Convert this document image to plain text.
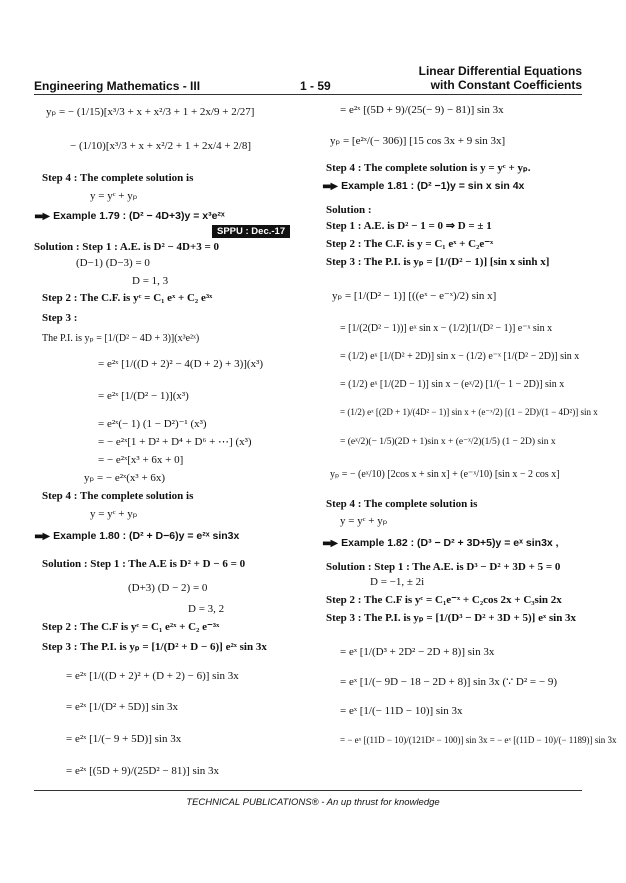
Engineering Mathematics - III	1 - 59
Linear Differential Equations
with Constant Coefficients
yₚ = − (1/15)[x³/3 + x + x²/3 + 1 + 2x/9 + 2/27]
− (1/10)[x³/3 + x + x²/2 + 1 + 2x/4 + 2/8]
Step 4 : The complete solution is
y = yᶜ + yₚ
▬▶ Example 1.79 : (D² − 4D+3)y = x³e²ˣ
Solution : Step 1 : A.E. is D² − 4D+3 = 0
(D−1) (D−3) = 0
D = 1, 3
Step 2 : The C.F. is yᶜ = C₁ eˣ + C₂ e³ˣ
Step 3 :
The P.I. is yₚ = [1/(D² − 4D + 3)](x³e²ˣ)
= e²ˣ [1/((D + 2)² − 4(D + 2) + 3)](x³)
= e²ˣ [1/(D² − 1)](x³)
= e²ˣ(− 1) (1 − D²)⁻¹ (x³)
= − e²ˣ[1 + D² + D⁴ + D⁶ + ⋯] (x³)
= − e²ˣ[x³ + 6x + 0]
yₚ = − e²ˣ(x³ + 6x)
Step 4 : The complete solution is
y = yᶜ + yₚ
▬▶ Example 1.80 : (D² + D−6)y = e²ˣ sin3x
Solution : Step 1 : The A.E is D² + D − 6 = 0
(D+3) (D − 2) = 0
D = 3, 2
Step 2 : The C.F is yᶜ = C₁ e²ˣ + C₂ e⁻³ˣ
Step 3 : The P.I. is yₚ = [1/(D² + D − 6)] e²ˣ sin 3x
= e²ˣ [1/((D + 2)² + (D + 2) − 6)] sin 3x
= e²ˣ [1/(D² + 5D)] sin 3x
= e²ˣ [1/(− 9 + 5D)] sin 3x
= e²ˣ [(5D + 9)/(25D² − 81)] sin 3x
SPPU : Dec.-17
= e²ˣ [(5D + 9)/(25(− 9) − 81)] sin 3x
yₚ = [e²ˣ/(− 306)] [15 cos 3x + 9 sin 3x]
Step 4 : The complete solution is y = yᶜ + yₚ.
▬▶ Example 1.81 : (D² −1)y = sin x sin 4x
Solution :
Step 1 : A.E. is D² − 1 = 0 ⇒ D = ± 1
Step 2 : The C.F. is y = C₁ eˣ + C₂e⁻ˣ
Step 3 : The P.I. is yₚ = [1/(D² − 1)] [sin x sinh x]
yₚ = [1/(D² − 1)] [((eˣ − e⁻ˣ)/2) sin x]
= [1/(2(D² − 1))] eˣ sin x − (1/2)[1/(D² − 1)] e⁻ˣ sin x
= (1/2) eˣ [1/(D² + 2D)] sin x − (1/2) e⁻ˣ [1/(D² − 2D)] sin x
= (1/2) eˣ [1/(2D − 1)] sin x − (eˣ/2) [1/(− 1 − 2D)] sin x
= (1/2) eˣ [(2D + 1)/(4D² − 1)] sin x + (e⁻ˣ/2) [(1 − 2D)/(1 − 4D²)] sin x
= (eˣ/2)(− 1/5)(2D + 1)sin x + (e⁻ˣ/2)(1/5) (1 − 2D) sin x
yₚ = − (eˣ/10) [2cos x + sin x] + (e⁻ˣ/10) [sin x − 2 cos x]
Step 4 : The complete solution is
y = yᶜ + yₚ
▬▶ Example 1.82 : (D³ − D² + 3D+5)y = eˣ sin3x ,
Solution : Step 1 : The A.E. is D³ − D² + 3D + 5 = 0
D = −1, ± 2i
Step 2 : The C.F is yᶜ = C₁e⁻ˣ + C₂cos 2x + C₃sin 2x
Step 3 : The P.I. is yₚ = [1/(D³ − D² + 3D + 5)] eˣ sin 3x
= eˣ [1/(D³ + 2D² − 2D + 8)] sin 3x
= eˣ [1/(− 9D − 18 − 2D + 8)] sin 3x (∵ D² = − 9)
= eˣ [1/(− 11D − 10)] sin 3x
= − eˣ [(11D − 10)/(121D² − 100)] sin 3x = − eˣ [(11D − 10)/(− 1189)] sin 3x
TECHNICAL PUBLICATIONS® - An up thrust for knowledge
